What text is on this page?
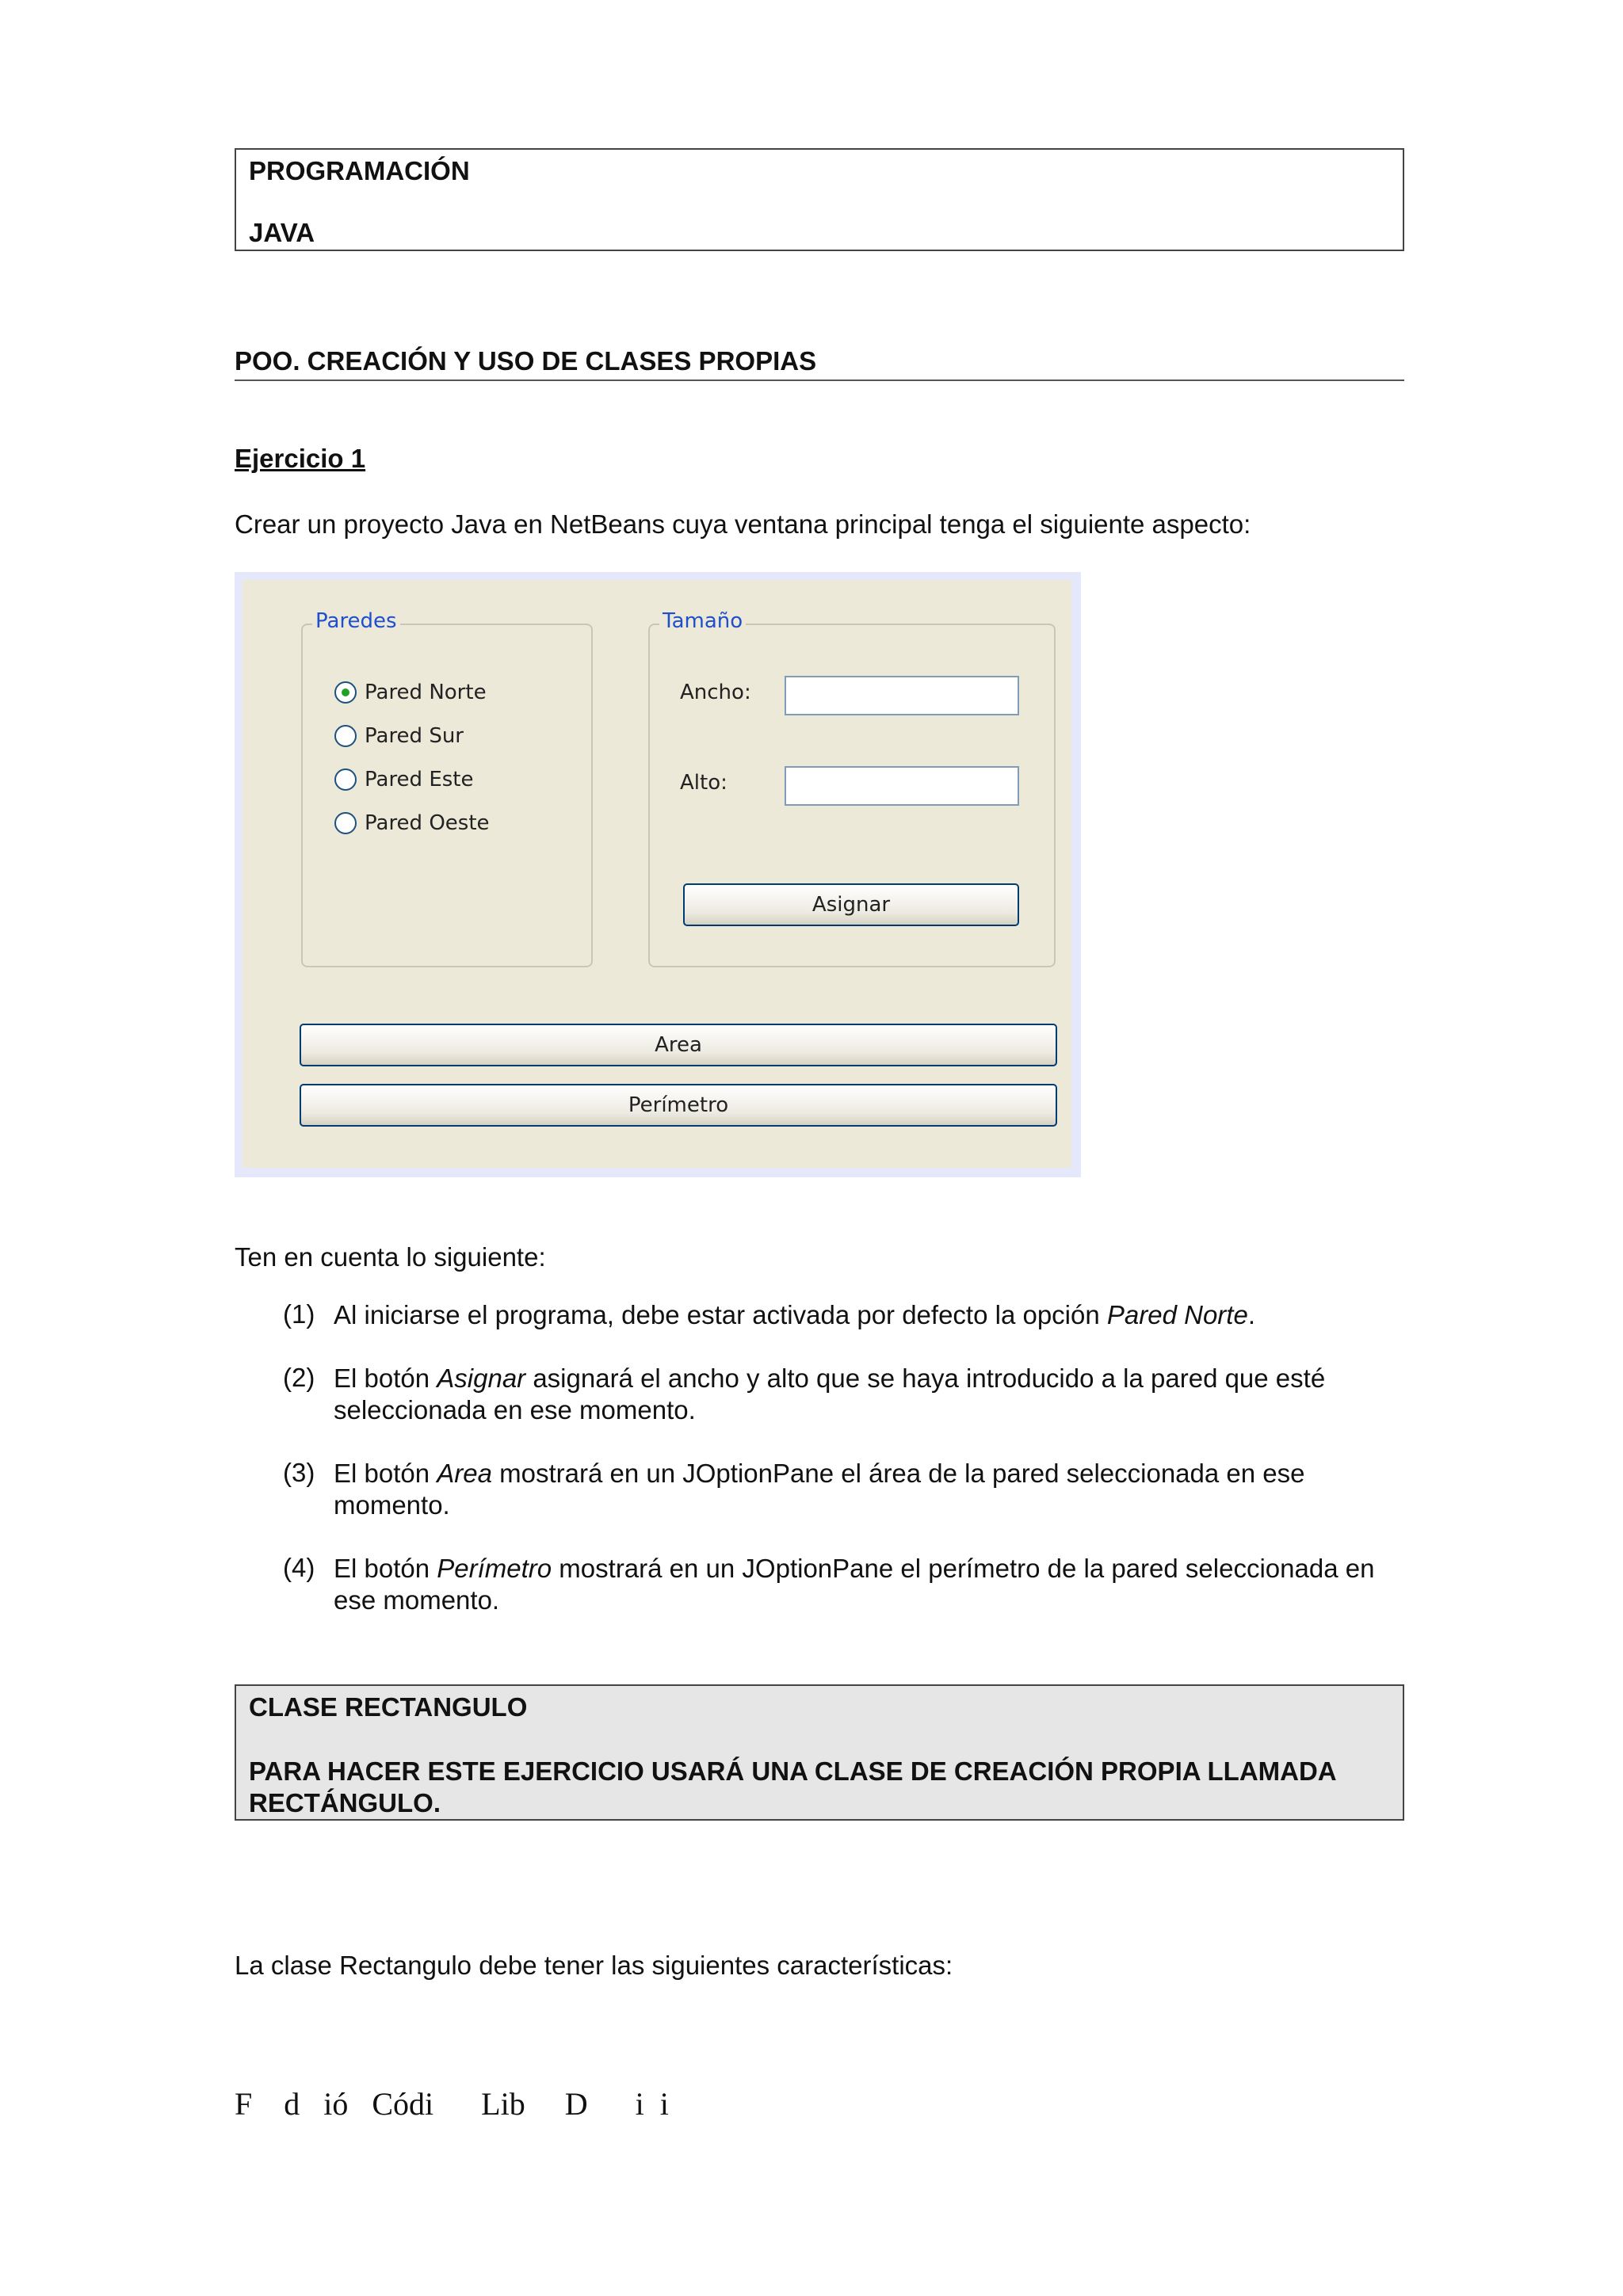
PROGRAMACIÓN
JAVA
POO. CREACIÓN Y USO DE CLASES PROPIAS
Ejercicio 1
Crear un proyecto Java en NetBeans cuya ventana principal tenga el siguiente aspecto:
Paredes
Pared Norte
Pared Sur
Pared Este
Pared Oeste
Tamaño
Ancho:
Alto:
Asignar
Area
Perímetro
Ten en cuenta lo siguiente:
(1) Al iniciarse el programa, debe estar activada por defecto la opción Pared Norte.
(2) El botón Asignar asignará el ancho y alto que se haya introducido a la pared que esté seleccionada en ese momento.
(3) El botón Area mostrará en un JOptionPane el área de la pared seleccionada en ese momento.
(4) El botón Perímetro mostrará en un JOptionPane el perímetro de la pared seleccionada en ese momento.
CLASE RECTANGULO
PARA HACER ESTE EJERCICIO USARÁ UNA CLASE DE CREACIÓN PROPIA LLAMADA RECTÁNGULO.
La clase Rectangulo debe tener las siguientes características:
F    d   ió   Códi      Lib     D      i  i
